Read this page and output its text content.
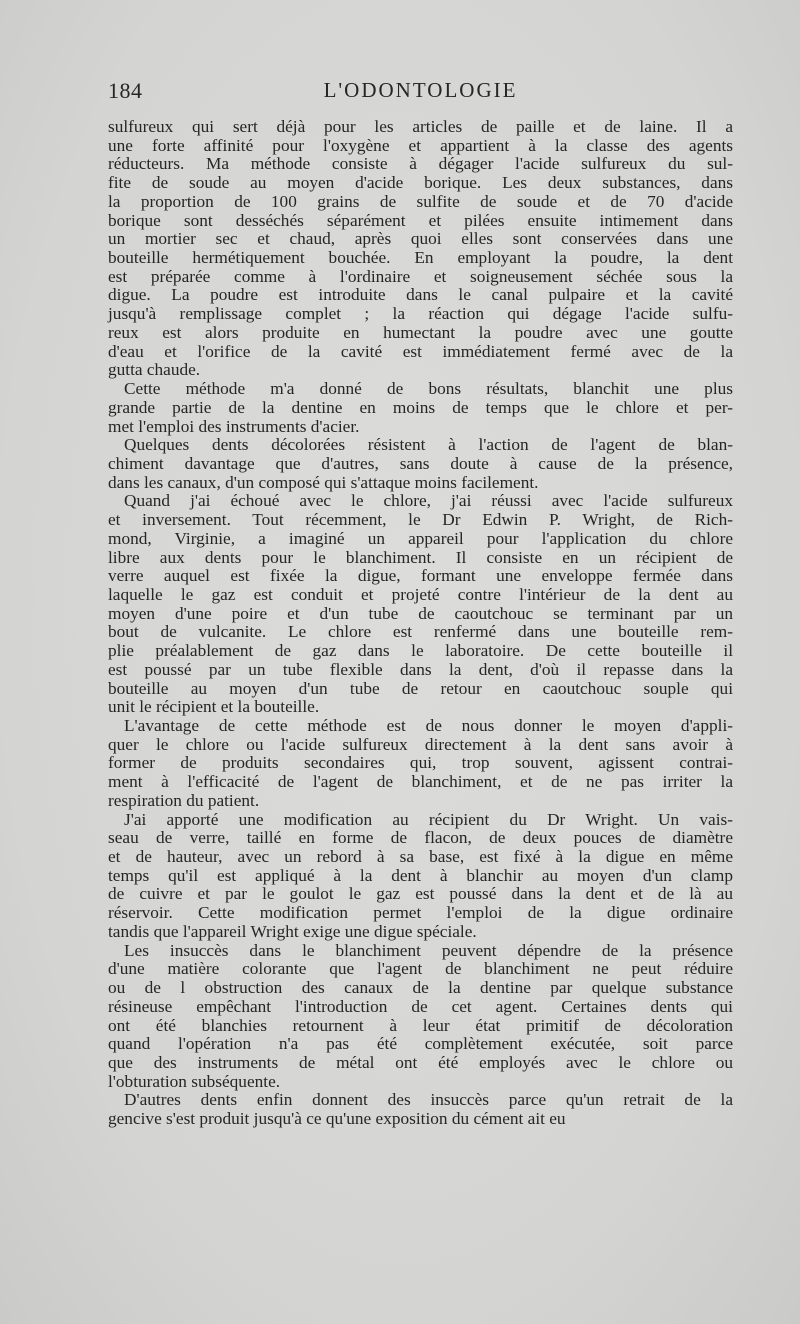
184	L'ODONTOLOGIE
sulfureux qui sert déjà pour les articles de paille et de laine. Il a
une forte affinité pour l'oxygène et appartient à la classe des agents
réducteurs. Ma méthode consiste à dégager l'acide sulfureux du sul-
fite de soude au moyen d'acide borique. Les deux substances, dans
la proportion de 100 grains de sulfite de soude et de 70 d'acide
borique sont desséchés séparément et pilées ensuite intimement dans
un mortier sec et chaud, après quoi elles sont conservées dans une
bouteille hermétiquement bouchée. En employant la poudre, la dent
est préparée comme à l'ordinaire et soigneusement séchée sous la
digue. La poudre est introduite dans le canal pulpaire et la cavité
jusqu'à remplissage complet ; la réaction qui dégage l'acide sulfu-
reux est alors produite en humectant la poudre avec une goutte
d'eau et l'orifice de la cavité est immédiatement fermé avec de la
gutta chaude.
Cette méthode m'a donné de bons résultats, blanchit une plus
grande partie de la dentine en moins de temps que le chlore et per-
met l'emploi des instruments d'acier.
Quelques dents décolorées résistent à l'action de l'agent de blan-
chiment davantage que d'autres, sans doute à cause de la présence,
dans les canaux, d'un composé qui s'attaque moins facilement.
Quand j'ai échoué avec le chlore, j'ai réussi avec l'acide sulfureux
et inversement. Tout récemment, le Dr Edwin P. Wright, de Rich-
mond, Virginie, a imaginé un appareil pour l'application du chlore
libre aux dents pour le blanchiment. Il consiste en un récipient de
verre auquel est fixée la digue, formant une enveloppe fermée dans
laquelle le gaz est conduit et projeté contre l'intérieur de la dent au
moyen d'une poire et d'un tube de caoutchouc se terminant par un
bout de vulcanite. Le chlore est renfermé dans une bouteille rem-
plie préalablement de gaz dans le laboratoire. De cette bouteille il
est poussé par un tube flexible dans la dent, d'où il repasse dans la
bouteille au moyen d'un tube de retour en caoutchouc souple qui
unit le récipient et la bouteille.
L'avantage de cette méthode est de nous donner le moyen d'appli-
quer le chlore ou l'acide sulfureux directement à la dent sans avoir à
former de produits secondaires qui, trop souvent, agissent contrai-
ment à l'efficacité de l'agent de blanchiment, et de ne pas irriter la
respiration du patient.
J'ai apporté une modification au récipient du Dr Wright. Un vais-
seau de verre, taillé en forme de flacon, de deux pouces de diamètre
et de hauteur, avec un rebord à sa base, est fixé à la digue en même
temps qu'il est appliqué à la dent à blanchir au moyen d'un clamp
de cuivre et par le goulot le gaz est poussé dans la dent et de là au
réservoir. Cette modification permet l'emploi de la digue ordinaire
tandis que l'appareil Wright exige une digue spéciale.
Les insuccès dans le blanchiment peuvent dépendre de la présence
d'une matière colorante que l'agent de blanchiment ne peut réduire
ou de l obstruction des canaux de la dentine par quelque substance
résineuse empêchant l'introduction de cet agent. Certaines dents qui
ont été blanchies retournent à leur état primitif de décoloration
quand l'opération n'a pas été complètement exécutée, soit parce
que des instruments de métal ont été employés avec le chlore ou
l'obturation subséquente.
D'autres dents enfin donnent des insuccès parce qu'un retrait de la
gencive s'est produit jusqu'à ce qu'une exposition du cément ait eu
